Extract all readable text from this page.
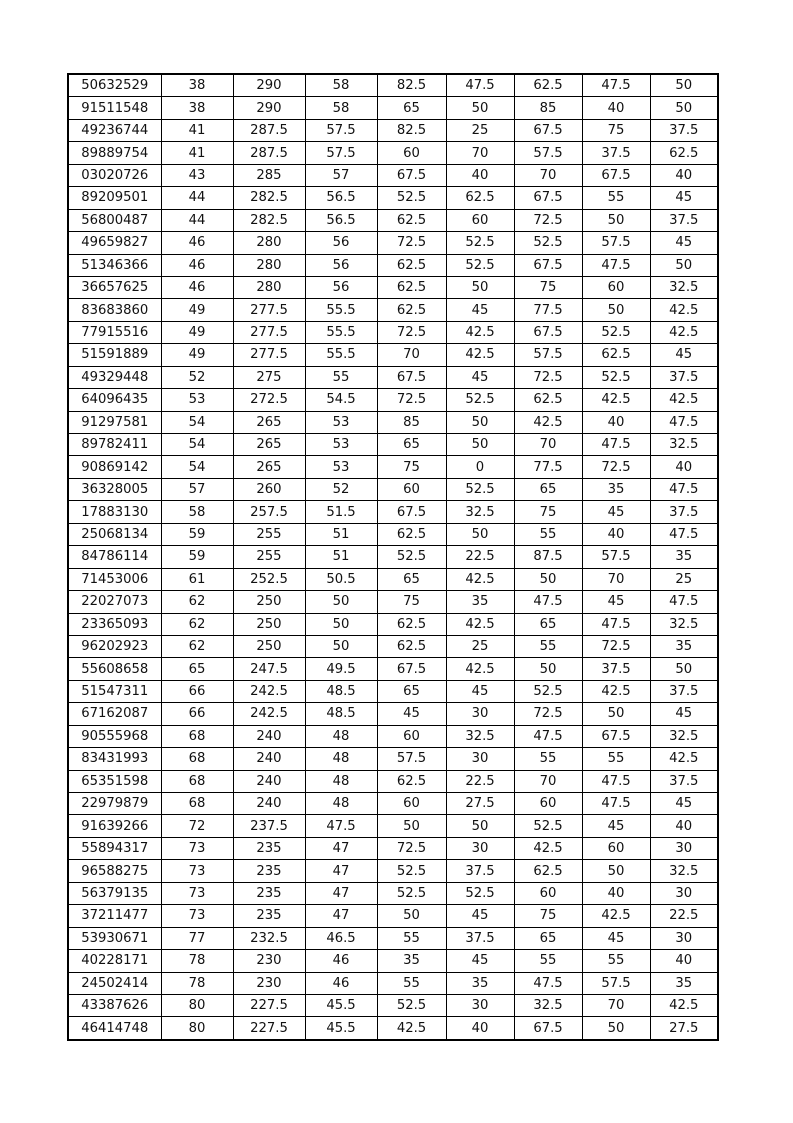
50632529	38	290	58	82.5	47.5	62.5	47.5	50
91511548	38	290	58	65	50	85	40	50
49236744	41	287.5	57.5	82.5	25	67.5	75	37.5
89889754	41	287.5	57.5	60	70	57.5	37.5	62.5
03020726	43	285	57	67.5	40	70	67.5	40
89209501	44	282.5	56.5	52.5	62.5	67.5	55	45
56800487	44	282.5	56.5	62.5	60	72.5	50	37.5
49659827	46	280	56	72.5	52.5	52.5	57.5	45
51346366	46	280	56	62.5	52.5	67.5	47.5	50
36657625	46	280	56	62.5	50	75	60	32.5
83683860	49	277.5	55.5	62.5	45	77.5	50	42.5
77915516	49	277.5	55.5	72.5	42.5	67.5	52.5	42.5
51591889	49	277.5	55.5	70	42.5	57.5	62.5	45
49329448	52	275	55	67.5	45	72.5	52.5	37.5
64096435	53	272.5	54.5	72.5	52.5	62.5	42.5	42.5
91297581	54	265	53	85	50	42.5	40	47.5
89782411	54	265	53	65	50	70	47.5	32.5
90869142	54	265	53	75	0	77.5	72.5	40
36328005	57	260	52	60	52.5	65	35	47.5
17883130	58	257.5	51.5	67.5	32.5	75	45	37.5
25068134	59	255	51	62.5	50	55	40	47.5
84786114	59	255	51	52.5	22.5	87.5	57.5	35
71453006	61	252.5	50.5	65	42.5	50	70	25
22027073	62	250	50	75	35	47.5	45	47.5
23365093	62	250	50	62.5	42.5	65	47.5	32.5
96202923	62	250	50	62.5	25	55	72.5	35
55608658	65	247.5	49.5	67.5	42.5	50	37.5	50
51547311	66	242.5	48.5	65	45	52.5	42.5	37.5
67162087	66	242.5	48.5	45	30	72.5	50	45
90555968	68	240	48	60	32.5	47.5	67.5	32.5
83431993	68	240	48	57.5	30	55	55	42.5
65351598	68	240	48	62.5	22.5	70	47.5	37.5
22979879	68	240	48	60	27.5	60	47.5	45
91639266	72	237.5	47.5	50	50	52.5	45	40
55894317	73	235	47	72.5	30	42.5	60	30
96588275	73	235	47	52.5	37.5	62.5	50	32.5
56379135	73	235	47	52.5	52.5	60	40	30
37211477	73	235	47	50	45	75	42.5	22.5
53930671	77	232.5	46.5	55	37.5	65	45	30
40228171	78	230	46	35	45	55	55	40
24502414	78	230	46	55	35	47.5	57.5	35
43387626	80	227.5	45.5	52.5	30	32.5	70	42.5
46414748	80	227.5	45.5	42.5	40	67.5	50	27.5
